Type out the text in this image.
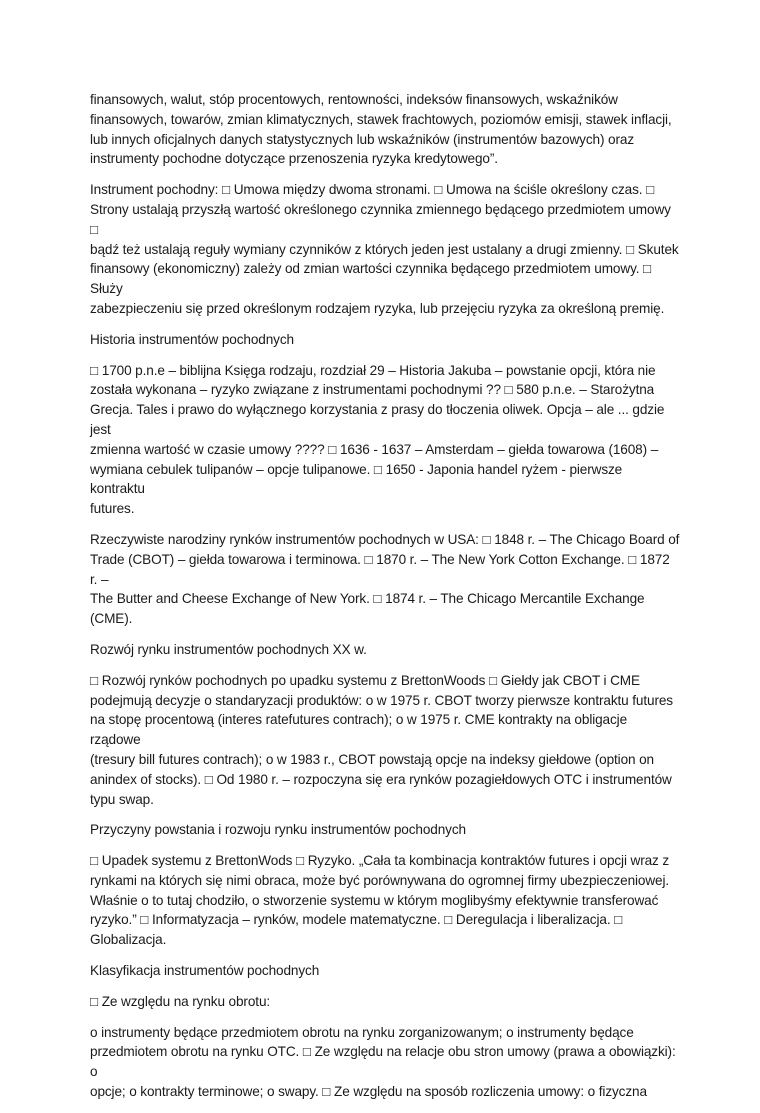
finansowych, walut, stóp procentowych, rentowności, indeksów finansowych, wskaźników
finansowych, towarów, zmian klimatycznych, stawek frachtowych, poziomów emisji, stawek inflacji,
lub innych oficjalnych danych statystycznych lub wskaźników (instrumentów bazowych) oraz
instrumenty pochodne dotyczące przenoszenia ryzyka kredytowego”.

Instrument pochodny: □ Umowa między dwoma stronami. □ Umowa na ściśle określony czas. □
Strony ustalają przyszłą wartość określonego czynnika zmiennego będącego przedmiotem umowy □
bądź też ustalają reguły wymiany czynników z których jeden jest ustalany a drugi zmienny. □ Skutek
finansowy (ekonomiczny) zależy od zmian wartości czynnika będącego przedmiotem umowy. □ Służy
zabezpieczeniu się przed określonym rodzajem ryzyka, lub przejęciu ryzyka za określoną premię.

Historia instrumentów pochodnych

□ 1700 p.n.e – biblijna Księga rodzaju, rozdział 29 – Historia Jakuba – powstanie opcji, która nie
została wykonana – ryzyko związane z instrumentami pochodnymi ?? □ 580 p.n.e. – Starożytna
Grecja. Tales i prawo do wyłącznego korzystania z prasy do tłoczenia oliwek. Opcja – ale ... gdzie jest
zmienna wartość w czasie umowy ???? □ 1636 - 1637 – Amsterdam – giełda towarowa (1608) –
wymiana cebulek tulipanów – opcje tulipanowe. □ 1650 - Japonia handel ryżem - pierwsze kontraktu
futures.

Rzeczywiste narodziny rynków instrumentów pochodnych w USA: □ 1848 r. – The Chicago Board of
Trade (CBOT) – giełda towarowa i terminowa. □ 1870 r. – The New York Cotton Exchange. □ 1872 r. –
The Butter and Cheese Exchange of New York. □ 1874 r. – The Chicago Mercantile Exchange (CME).

Rozwój rynku instrumentów pochodnych XX w.

□ Rozwój rynków pochodnych po upadku systemu z BrettonWoods □ Giełdy jak CBOT i CME
podejmują decyzje o standaryzacji produktów: o w 1975 r. CBOT tworzy pierwsze kontraktu futures
na stopę procentową (interes ratefutures contrach); o w 1975 r. CME kontrakty na obligacje rządowe
(tresury bill futures contrach); o w 1983 r., CBOT powstają opcje na indeksy giełdowe (option on
anindex of stocks). □ Od 1980 r. – rozpoczyna się era rynków pozagiełdowych OTC i instrumentów
typu swap.

Przyczyny powstania i rozwoju rynku instrumentów pochodnych

□ Upadek systemu z BrettonWods □ Ryzyko. „Cała ta kombinacja kontraktów futures i opcji wraz z
rynkami na których się nimi obraca, może być porównywana do ogromnej firmy ubezpieczeniowej.
Właśnie o to tutaj chodziło, o stworzenie systemu w którym moglibyśmy efektywnie transferować
ryzyko.” □ Informatyzacja – rynków, modele matematyczne. □ Deregulacja i liberalizacja. □
Globalizacja.

Klasyfikacja instrumentów pochodnych

□ Ze względu na rynku obrotu:

o instrumenty będące przedmiotem obrotu na rynku zorganizowanym; o instrumenty będące
przedmiotem obrotu na rynku OTC. □ Ze względu na relacje obu stron umowy (prawa a obowiązki): o
opcje; o kontrakty terminowe; o swapy. □ Ze względu na sposób rozliczenia umowy: o fizyczna
